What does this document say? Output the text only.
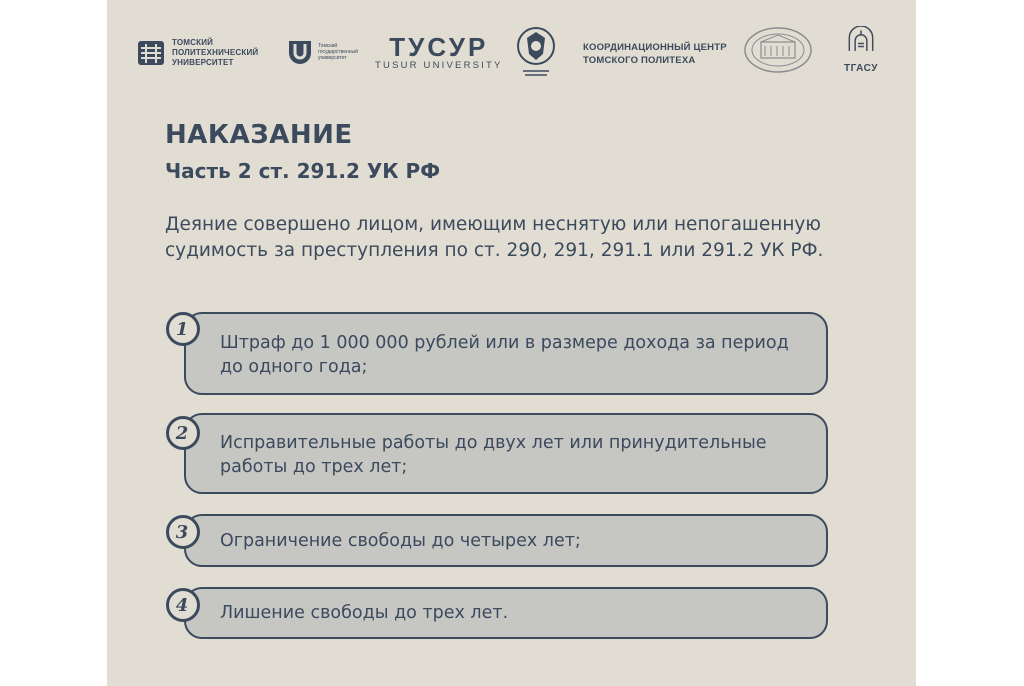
ТОМСКИЙ
ПОЛИТЕХНИЧЕСКИЙ
УНИВЕРСИТЕТ
Томский
государственный
университет	ТУСУР
TUSUR UNIVERSITY
КООРДИНАЦИОННЫЙ ЦЕНТР
ТОМСКОГО ПОЛИТЕХА
ТГАСУ
НАКАЗАНИЕ
Часть 2 ст. 291.2 УК РФ
Деяние совершено лицом, имеющим неснятую или непогашенную судимость за преступления по ст. 290, 291, 291.1 или 291.2 УК РФ.
Штраф до 1 000 000 рублей или в размере дохода за период до одного года;
1
Исправительные работы до двух лет или принудительные работы до трех лет;
2
Ограничение свободы до четырех лет;
3
Лишение свободы до трех лет.
4
